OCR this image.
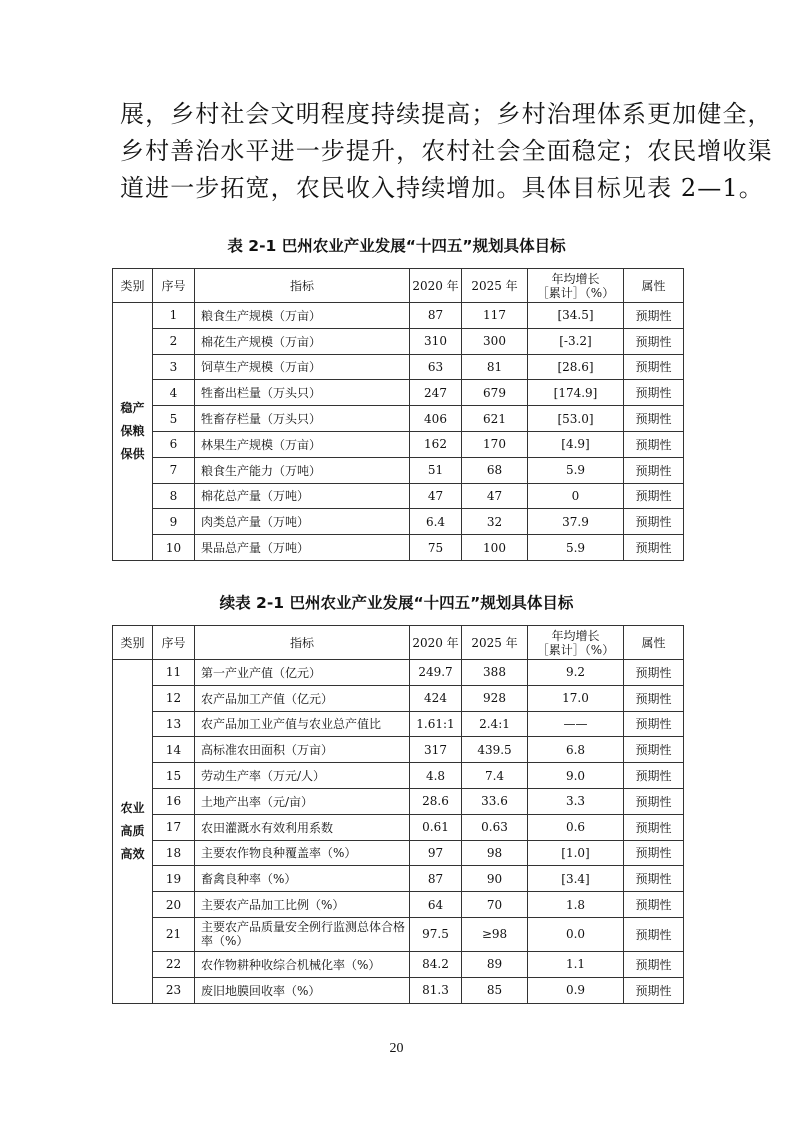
展，乡村社会文明程度持续提高；乡村治理体系更加健全，
乡村善治水平进一步提升，农村社会全面稳定；农民增收渠
道进一步拓宽，农民收入持续增加。具体目标见表 2—1。
表 2-1 巴州农业产业发展“十四五”规划具体目标
类别	序号	指标	2020 年	2025 年	年均增长
［累计］（%）	属性

稳产
保粮
保供	1	粮食生产规模（万亩）	87	117	[34.5]	预期性
	2	棉花生产规模（万亩）	310	300	[-3.2]	预期性
	3	饲草生产规模（万亩）	63	81	[28.6]	预期性
	4	牲畜出栏量（万头只）	247	679	[174.9]	预期性
	5	牲畜存栏量（万头只）	406	621	[53.0]	预期性
	6	林果生产规模（万亩）	162	170	[4.9]	预期性
	7	粮食生产能力（万吨）	51	68	5.9	预期性
	8	棉花总产量（万吨）	47	47	0	预期性
	9	肉类总产量（万吨）	6.4	32	37.9	预期性
	10	果品总产量（万吨）	75	100	5.9	预期性
续表 2-1 巴州农业产业发展“十四五”规划具体目标
类别	序号	指标	2020 年	2025 年	年均增长
［累计］（%）	属性

农业
高质
高效	11	第一产业产值（亿元）	249.7	388	9.2	预期性
	12	农产品加工产值（亿元）	424	928	17.0	预期性
	13	农产品加工业产值与农业总产值比	1.61:1	2.4:1	——	预期性
	14	高标准农田面积（万亩）	317	439.5	6.8	预期性
	15	劳动生产率（万元/人）	4.8	7.4	9.0	预期性
	16	土地产出率（元/亩）	28.6	33.6	3.3	预期性
	17	农田灌溉水有效利用系数	0.61	0.63	0.6	预期性
	18	主要农作物良种覆盖率（%）	97	98	[1.0]	预期性
	19	畜禽良种率（%）	87	90	[3.4]	预期性
	20	主要农产品加工比例（%）	64	70	1.8	预期性
	21	主要农产品质量安全例行监测总体合格率（%）	97.5	≥98	0.0	预期性
	22	农作物耕种收综合机械化率（%）	84.2	89	1.1	预期性
	23	废旧地膜回收率（%）	81.3	85	0.9	预期性
20
